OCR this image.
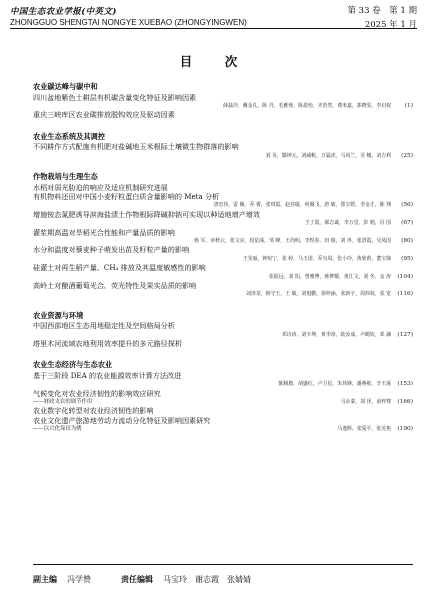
中国生态农业学报(中英文)	第 33 卷　第 1 期
ZHONGGUO SHENGTAI NONGYE XUEBAO (ZHONGYINGWEN)	2025 年 1 月
目　次
农业碳达峰与碳中和
四川盆地紫色土耕层有机碳含量变化特征及影响因素
薛磊玲，戴金礼，陈 丹，毛雅蓉，陈盈怡，齐浩然，费米嘉，郭晓雯，李启权 (1)
重庆三峡库区农业碳排放脱钩效应及驱动因素
农业生态系统及其调控
不同耕作方式配施有机肥对盐碱地玉米根际土壤微生物群落的影响
刘 昊，滕钟元，刘威帆，万猛虎，马风兰，吴 娜，刘吉利 (25)
作物栽培与生理生态
水稻对弱光胁迫的响应及适应机制研究进展
有机物料还田对中国小麦籽粒蛋白质含量影响的 Meta 分析
唐忠伟，雷 颖，乔 睿，张琪霞，赵佳璇，何佩飞，唐 敏，郑宝媛，李金才，陈 翔 (56)
增施铵态氮肥诱导滨海盐渍土作物根际降碱抑钠可实现以种适地增产增效
王丁霞，郝志诚，李万堂，彭 勉，冯 国 (67)
灌浆期高温对旱稻光合性能和产量品质的影响
杨 军，章秋云，张文亮，段星彧，邹 峰，王尚明，李煜春，田 俊，刘 冉，张清霞，吴凤国 (80)
水分和温度对藜麦种子萌发出苗及籽粒产量的影响
王雯丽，钟宛宁，张 婷，马玉诺，乔匀周，张小玲，黄欣莉，董宝娣 (95)
硅灌土对再生稻产量、CH₄ 排放及其温度敏感性的影响
张振远，刘 阳，曾雅博，蒋梦耀，黄江文，刘 冬，金 涛 (104)
高岭土对酿酒葡萄光合、荧光特性及果实品质的影响
刘泽龙，韩守玉，王 敏，刘旭鹏，徐梓涵，张新宇，周炜权，张 宽 (116)
农业资源与环境
中国西部地区生态用地稳定性及空间格局分析
邓诗涛，刘少坤，黄李淳，陆汝成，卢鹤钦，邓 澜 (127)
塔里木河流域农地利用效率提升的多元路径探析
农业生态经济与生态农业
基于三阶段 DEA 的农业能源效率计算方法改进
陈腾旗，胡盛红，卢卫星，朱伟锋，潘燕妮，辛玉琢 (153)
气候变化对农业经济韧性的影响效应研究
——财政支农的调节作用	马永秦，刘 泽，俞梓骞 (166)
农业数字化转型对农业经济韧性的影响
农业文化遗产旅游地劳动力流动分化特征及影响因素研究
——以兴化垛田为例	马逸辉，张爱平，张芜艳 (190)
副主编 冯学赞	责任编辑 马宝玲　谢志霞　张婧婧
